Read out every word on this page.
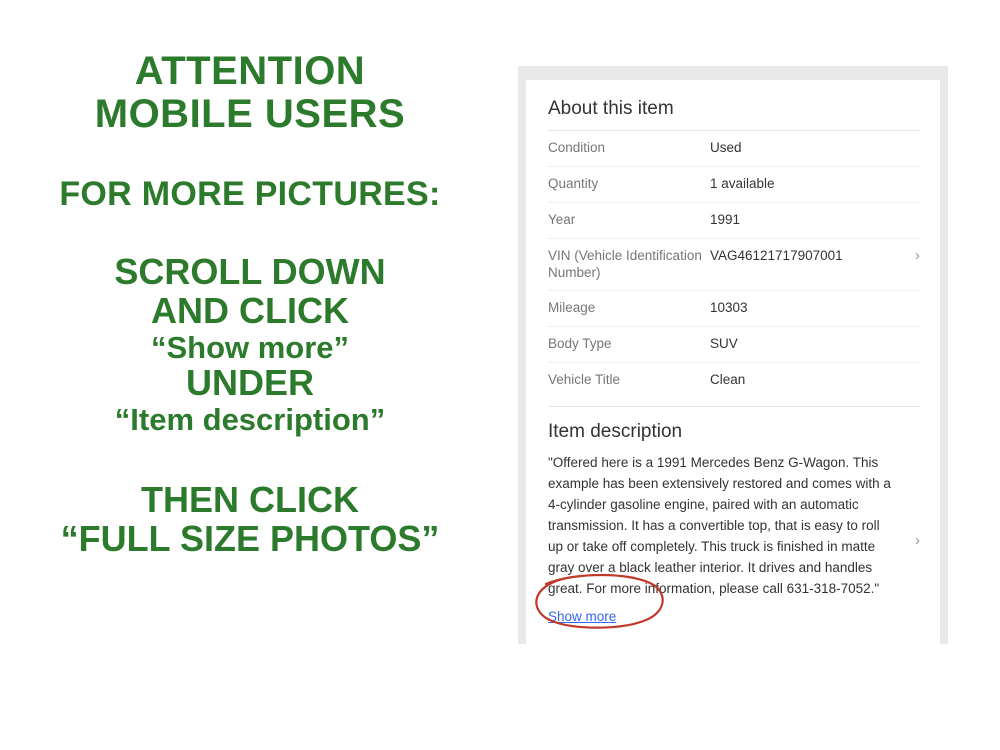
ATTENTION
MOBILE USERS
FOR MORE PICTURES:
SCROLL DOWN
AND CLICK
“Show more”
UNDER
“Item description”
THEN CLICK
“FULL SIZE PHOTOS”
About this item
Condition	Used	
Quantity	1 available	
Year	1991	
VIN (Vehicle Identification Number)	VAG46121717907001	›
Mileage	10303	
Body Type	SUV	
Vehicle Title	Clean	
Item description
"Offered here is a 1991 Mercedes Benz G-Wagon. This example has been extensively restored and comes with a 4-cylinder gasoline engine, paired with an automatic transmission. It has a convertible top, that is easy to roll up or take off completely. This truck is finished in matte gray over a black leather interior. It drives and handles great. For more information, please call 631-318-7052."
Show more
›
